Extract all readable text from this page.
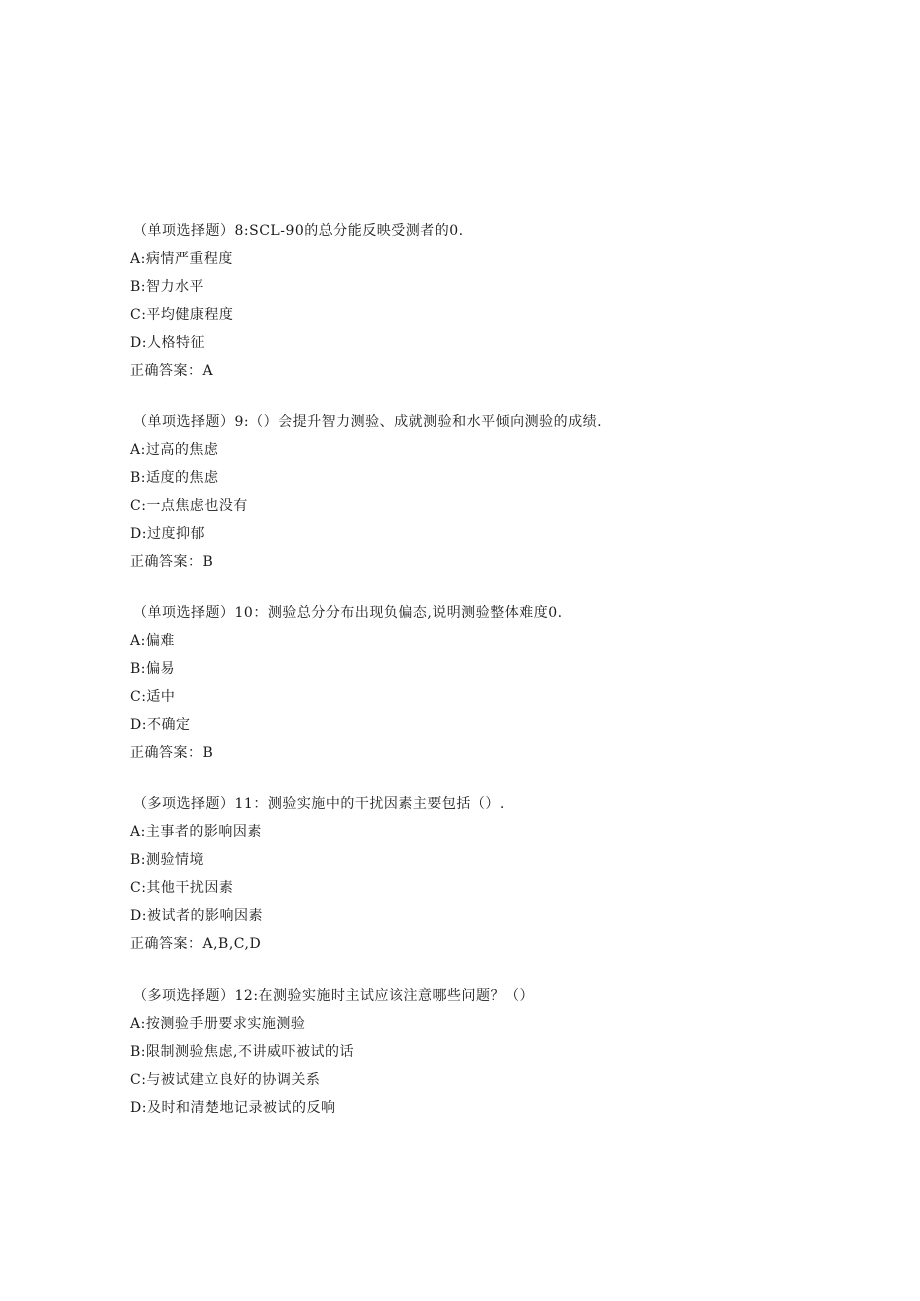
（单项选择题）8:SCL-90的总分能反映受测者的0.
A:病情严重程度
B:智力水平
C:平均健康程度
D:人格特征
正确答案：A
（单项选择题）9:（）会提升智力测验、成就测验和水平倾向测验的成绩.
A:过高的焦虑
B:适度的焦虑
C:一点焦虑也没有
D:过度抑郁
正确答案：B
（单项选择题）10：测验总分分布出现负偏态,说明测验整体难度0.
A:偏难
B:偏易
C:适中
D:不确定
正确答案：B
（多项选择题）11：测验实施中的干扰因素主要包括（）.
A:主事者的影响因素
B:测验情境
C:其他干扰因素
D:被试者的影响因素
正确答案：A,B,C,D
（多项选择题）12:在测验实施时主试应该注意哪些问题？（）
A:按测验手册要求实施测验
B:限制测验焦虑,不讲威吓被试的话
C:与被试建立良好的协调关系
D:及时和清楚地记录被试的反响
